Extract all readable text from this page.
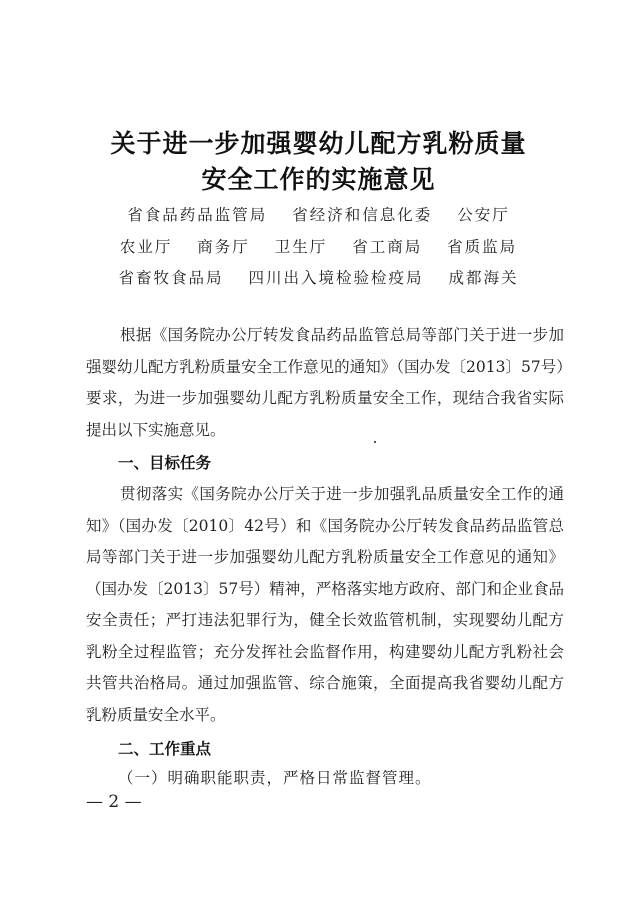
关于进一步加强婴幼儿配方乳粉质量
安全工作的实施意见
省食品药品监管局 省经济和信息化委 公安厅
农业厅 商务厅 卫生厅 省工商局 省质监局
省畜牧食品局 四川出入境检验检疫局 成都海关

根据《国务院办公厅转发食品药品监管总局等部门关于进一步加强婴幼儿配方乳粉质量安全工作意见的通知》（国办发〔2013〕57号）要求，为进一步加强婴幼儿配方乳粉质量安全工作，现结合我省实际提出以下实施意见。

一、目标任务

贯彻落实《国务院办公厅关于进一步加强乳品质量安全工作的通知》（国办发〔2010〕42号）和《国务院办公厅转发食品药品监管总局等部门关于进一步加强婴幼儿配方乳粉质量安全工作意见的通知》（国办发〔2013〕57号）精神，严格落实地方政府、部门和企业食品安全责任；严打违法犯罪行为，健全长效监管机制，实现婴幼儿配方乳粉全过程监管；充分发挥社会监督作用，构建婴幼儿配方乳粉社会共管共治格局。通过加强监管、综合施策，全面提高我省婴幼儿配方乳粉质量安全水平。

二、工作重点
（一）明确职能职责，严格日常监督管理。
— 2 —
